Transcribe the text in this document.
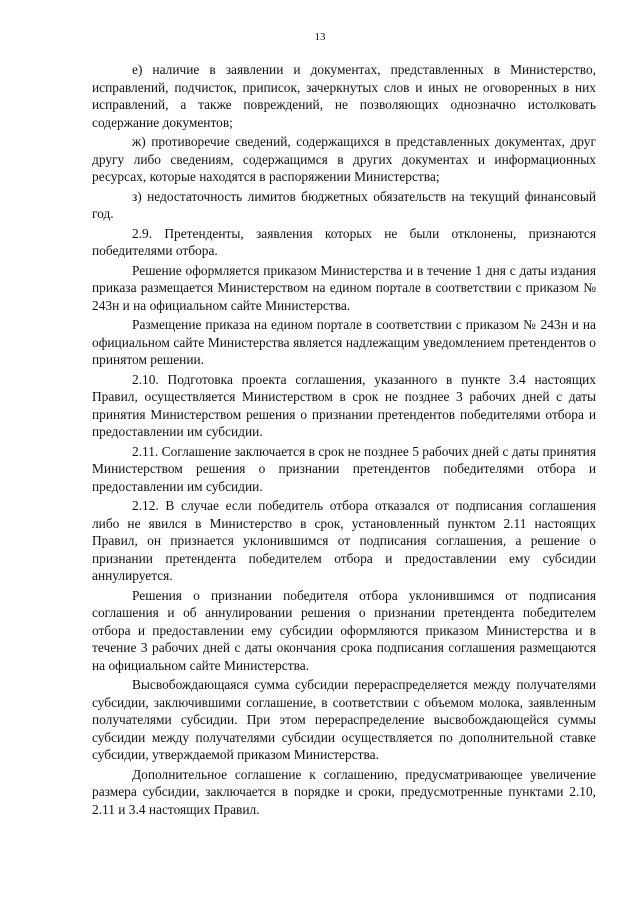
13

е) наличие в заявлении и документах, представленных в Министерство, исправлений, подчисток, приписок, зачеркнутых слов и иных не оговоренных в них исправлений, а также повреждений, не позволяющих однозначно истолковать содержание документов;

ж) противоречие сведений, содержащихся в представленных документах, друг другу либо сведениям, содержащимся в других документах и информационных ресурсах, которые находятся в распоряжении Министерства;

з) недостаточность лимитов бюджетных обязательств на текущий финансовый год.

2.9. Претенденты, заявления которых не были отклонены, признаются победителями отбора.

Решение оформляется приказом Министерства и в течение 1 дня с даты издания приказа размещается Министерством на едином портале в соответствии с приказом № 243н и на официальном сайте Министерства.

Размещение приказа на едином портале в соответствии с приказом № 243н и на официальном сайте Министерства является надлежащим уведомлением претендентов о принятом решении.

2.10. Подготовка проекта соглашения, указанного в пункте 3.4 настоящих Правил, осуществляется Министерством в срок не позднее 3 рабочих дней с даты принятия Министерством решения о признании претендентов победителями отбора и предоставлении им субсидии.

2.11. Соглашение заключается в срок не позднее 5 рабочих дней с даты принятия Министерством решения о признании претендентов победителями отбора и предоставлении им субсидии.

2.12. В случае если победитель отбора отказался от подписания соглашения либо не явился в Министерство в срок, установленный пунктом 2.11 настоящих Правил, он признается уклонившимся от подписания соглашения, а решение о признании претендента победителем отбора и предоставлении ему субсидии аннулируется.

Решения о признании победителя отбора уклонившимся от подписания соглашения и об аннулировании решения о признании претендента победителем отбора и предоставлении ему субсидии оформляются приказом Министерства и в течение 3 рабочих дней с даты окончания срока подписания соглашения размещаются на официальном сайте Министерства.

Высвобождающаяся сумма субсидии перераспределяется между получателями субсидии, заключившими соглашение, в соответствии с объемом молока, заявленным получателями субсидии. При этом перераспределение высвобождающейся суммы субсидии между получателями субсидии осуществляется по дополнительной ставке субсидии, утверждаемой приказом Министерства.

Дополнительное соглашение к соглашению, предусматривающее увеличение размера субсидии, заключается в порядке и сроки, предусмотренные пунктами 2.10, 2.11 и 3.4 настоящих Правил.
